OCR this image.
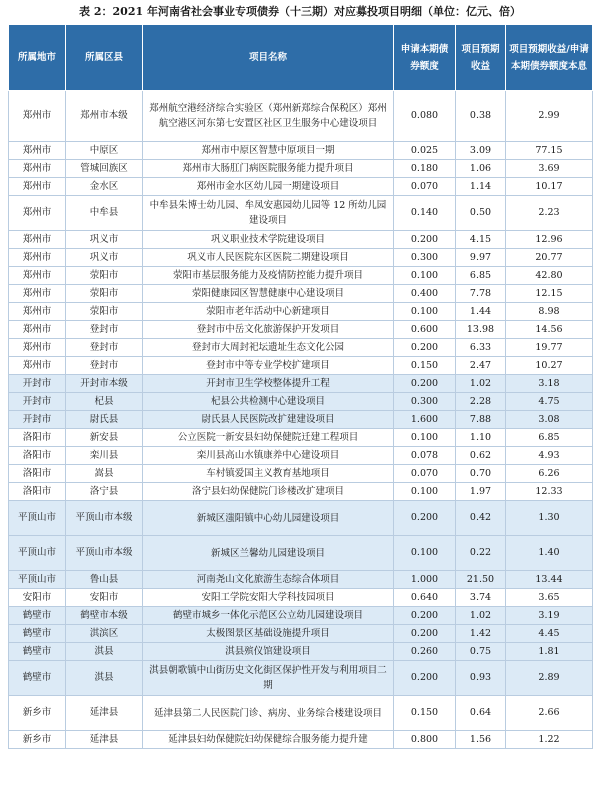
表 2：2021 年河南省社会事业专项债券（十三期）对应募投项目明细（单位：亿元、倍）
所属地市	所属区县	项目名称	申请本期债券额度	项目预期收益	项目预期收益/申请本期债券额度本息
郑州市	郑州市本级	郑州航空港经济综合实验区（郑州新郑综合保税区）郑州航空港区河东第七安置区社区卫生服务中心建设项目	0.080	0.38	2.99
郑州市	中原区	郑州市中原区智慧中原项目一期	0.025	3.09	77.15
郑州市	管城回族区	郑州市大肠肛门病医院服务能力提升项目	0.180	1.06	3.69
郑州市	金水区	郑州市金水区幼儿园一期建设项目	0.070	1.14	10.17
郑州市	中牟县	中牟县朱博士幼儿园、牟凤安惠园幼儿园等 12 所幼儿园建设项目	0.140	0.50	2.23
郑州市	巩义市	巩义职业技术学院建设项目	0.200	4.15	12.96
郑州市	巩义市	巩义市人民医院东区医院二期建设项目	0.300	9.97	20.77
郑州市	荥阳市	荥阳市基层服务能力及疫情防控能力提升项目	0.100	6.85	42.80
郑州市	荥阳市	荥阳健康园区智慧健康中心建设项目	0.400	7.78	12.15
郑州市	荥阳市	荥阳市老年活动中心新建项目	0.100	1.44	8.98
郑州市	登封市	登封市中岳文化旅游保护开发项目	0.600	13.98	14.56
郑州市	登封市	登封市大周封祀坛遗址生态文化公园	0.200	6.33	19.77
郑州市	登封市	登封市中等专业学校扩建项目	0.150	2.47	10.27
开封市	开封市本级	开封市卫生学校整体提升工程	0.200	1.02	3.18
开封市	杞县	杞县公共检测中心建设项目	0.300	2.28	4.75
开封市	尉氏县	尉氏县人民医院改扩建建设项目	1.600	7.88	3.08
洛阳市	新安县	公立医院一新安县妇幼保健院迁建工程项目	0.100	1.10	6.85
洛阳市	栾川县	栾川县高山水镇康养中心建设项目	0.078	0.62	4.93
洛阳市	嵩县	车村镇爱国主义教育基地项目	0.070	0.70	6.26
洛阳市	洛宁县	洛宁县妇幼保健院门诊楼改扩建项目	0.100	1.97	12.33
平顶山市	平顶山市本级	新城区滍阳镇中心幼儿园建设项目	0.200	0.42	1.30
平顶山市	平顶山市本级	新城区兰馨幼儿园建设项目	0.100	0.22	1.40
平顶山市	鲁山县	河南尧山文化旅游生态综合体项目	1.000	21.50	13.44
安阳市	安阳市	安阳工学院安阳大学科技园项目	0.640	3.74	3.65
鹤壁市	鹤壁市本级	鹤壁市城乡一体化示范区公立幼儿园建设项目	0.200	1.02	3.19
鹤壁市	淇滨区	太极图景区基础设施提升项目	0.200	1.42	4.45
鹤壁市	淇县	淇县殡仪馆建设项目	0.260	0.75	1.81
鹤壁市	淇县	淇县朝歌镇中山街历史文化街区保护性开发与利用项目二期	0.200	0.93	2.89
新乡市	延津县	延津县第二人民医院门诊、病房、业务综合楼建设项目	0.150	0.64	2.66
新乡市	延津县	延津县妇幼保健院妇幼保健综合服务能力提升建	0.800	1.56	1.22
